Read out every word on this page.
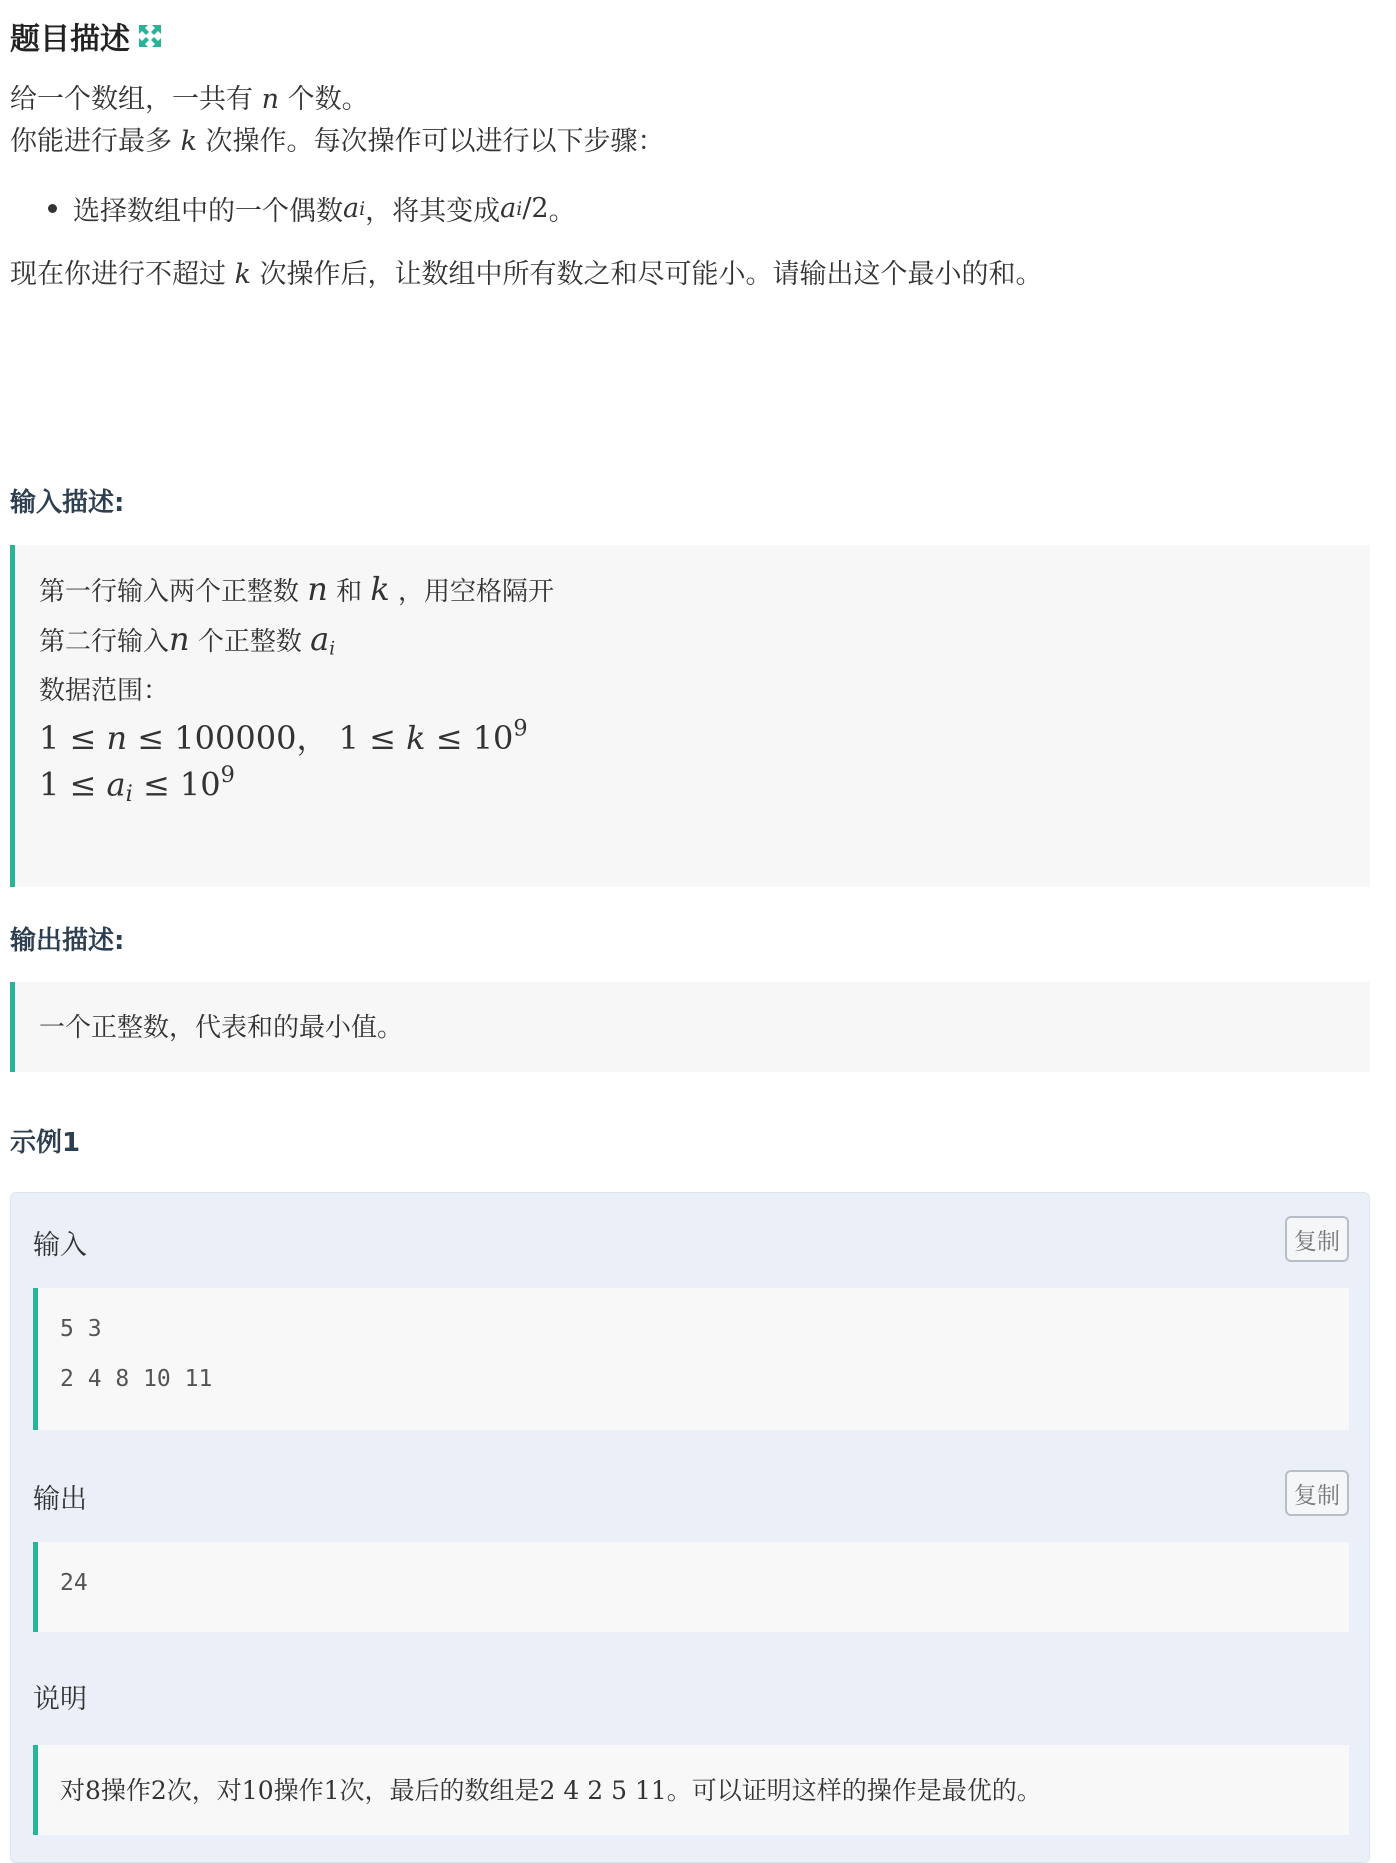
题目描述
给一个数组，一共有 n 个数。
你能进行最多 k 次操作。每次操作可以进行以下步骤：
选择数组中的一个偶数 a i ，将其变成 a i /2 。
现在你进行不超过 k 次操作后，让数组中所有数之和尽可能小。请输出这个最小的和。
输入描述:
第一行输入两个正整数 n 和 k ，用空格隔开
第二行输入n 个正整数 $a_i$
数据范围：
1 ≤ n ≤ 100000， $1 \le k \le 10^9$
$1 \le a_i \le 10^9$
输出描述:
一个正整数，代表和的最小值。
示例1
输入	复制
5 3
2 4 8 10 11
输出	复制
24
说明
对8操作2次，对10操作1次，最后的数组是2 4 2 5 11。可以证明这样的操作是最优的。
